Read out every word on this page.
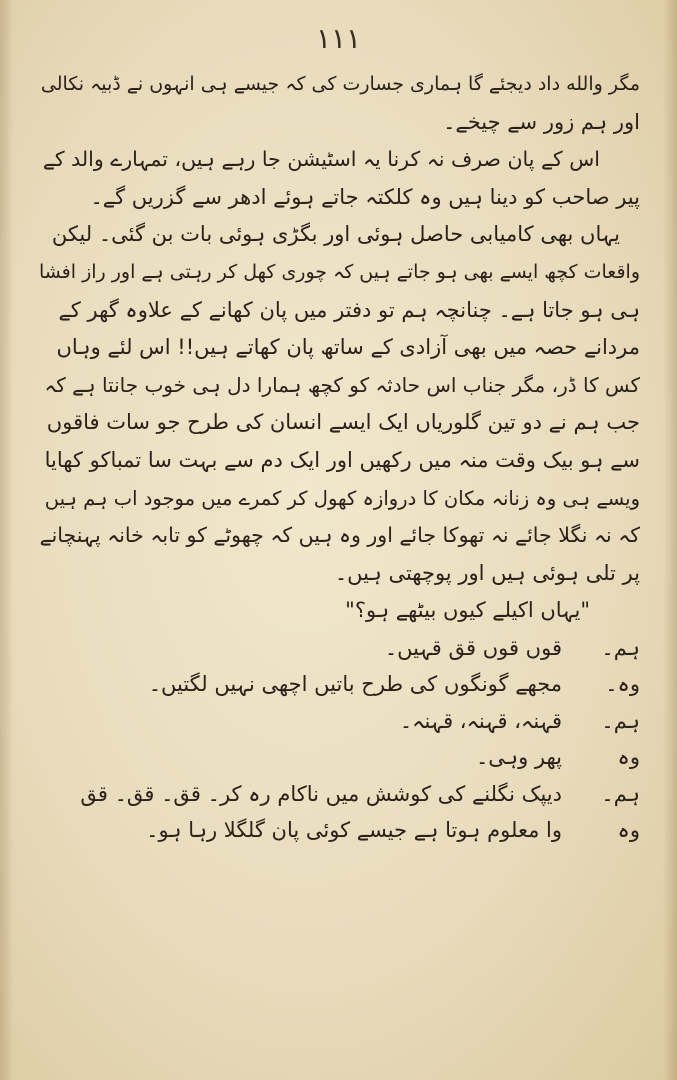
۱۱۱
مگر والله داد دیجئے گا ہماری جسارت کی کہ جیسے ہی انہوں نے ڈبیہ نکالی
اور ہم زور سے چیخے۔
اس کے پان صرف نہ کرنا یہ اسٹیشن جا رہے ہیں، تمہارے والد کے
پیر صاحب کو دینا ہیں وہ کلکتہ جاتے ہوئے ادھر سے گزریں گے۔
یہاں بھی کامیابی حاصل ہوئی اور بگڑی ہوئی بات بن گئی۔ لیکن
واقعات کچھ ایسے بھی ہو جاتے ہیں کہ چوری کھل کر رہتی ہے اور راز افشا
ہی ہو جاتا ہے۔ چنانچہ ہم تو دفتر میں پان کھانے کے علاوہ گھر کے
مردانے حصہ میں بھی آزادی کے ساتھ پان کھاتے ہیں!! اس لئے وہاں
کس کا ڈر، مگر جناب اس حادثہ کو کچھ ہمارا دل ہی خوب جانتا ہے کہ
جب ہم نے دو تین گلوریاں ایک ایسے انسان کی طرح جو سات فاقوں
سے ہو بیک وقت منہ میں رکھیں اور ایک دم سے بہت سا تمباکو کھایا
ویسے ہی وہ زنانہ مکان کا دروازہ کھول کر کمرے میں موجود اب ہم ہیں
کہ نہ نگلا جائے نہ تھوکا جائے اور وہ ہیں کہ چھوٹے کو تابہ خانہ پہنچانے
پر تلی ہوئی ہیں اور پوچھتی ہیں۔
"یہاں اکیلے کیوں بیٹھے ہو؟"
ہم۔
قوں قوں قق قہیں۔
وہ۔
مجھے گونگوں کی طرح باتیں اچھی نہیں لگتیں۔
ہم۔
قہنہ، قہنہ، قہنہ۔
وہ
پھر وہی۔
ہم۔
دیپک نگلنے کی کوشش میں ناکام رہ کر۔ قق۔ قق۔ قق
وہ
وا معلوم ہوتا ہے جیسے کوئی پان گلگلا رہا ہو۔
